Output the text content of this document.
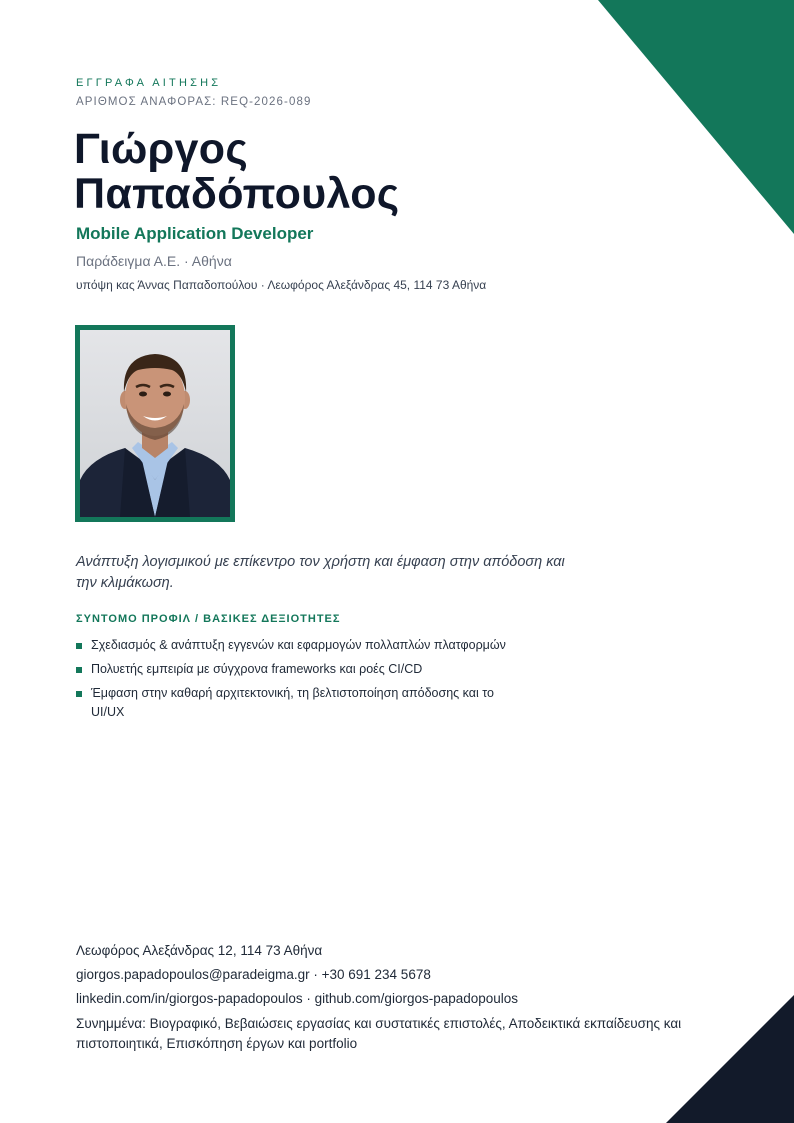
ΕΓΓΡΑΦΑ ΑΙΤΗΣΗΣ
ΑΡΙΘΜΟΣ ΑΝΑΦΟΡΑΣ: REQ-2026-089
Γιώργος
Παπαδόπουλος
Mobile Application Developer
Παράδειγμα Α.Ε. · Αθήνα
υπόψη κας Άννας Παπαδοπούλου · Λεωφόρος Αλεξάνδρας 45, 114 73 Αθήνα
Ανάπτυξη λογισμικού με επίκεντρο τον χρήστη και έμφαση στην απόδοση και την κλιμάκωση.
ΣΥΝΤΟΜΟ ΠΡΟΦΙΛ / ΒΑΣΙΚΕΣ ΔΕΞΙΟΤΗΤΕΣ
Σχεδιασμός & ανάπτυξη εγγενών και εφαρμογών πολλαπλών πλατφορμών
Πολυετής εμπειρία με σύγχρονα frameworks και ροές CI/CD
Έμφαση στην καθαρή αρχιτεκτονική, τη βελτιστοποίηση απόδοσης και το UI/UX
Λεωφόρος Αλεξάνδρας 12, 114 73 Αθήνα
giorgos.papadopoulos@paradeigma.gr · +30 691 234 5678
linkedin.com/in/giorgos-papadopoulos · github.com/giorgos-papadopoulos
Συνημμένα: Βιογραφικό, Βεβαιώσεις εργασίας και συστατικές επιστολές, Αποδεικτικά εκπαίδευσης και πιστοποιητικά, Επισκόπηση έργων και portfolio
